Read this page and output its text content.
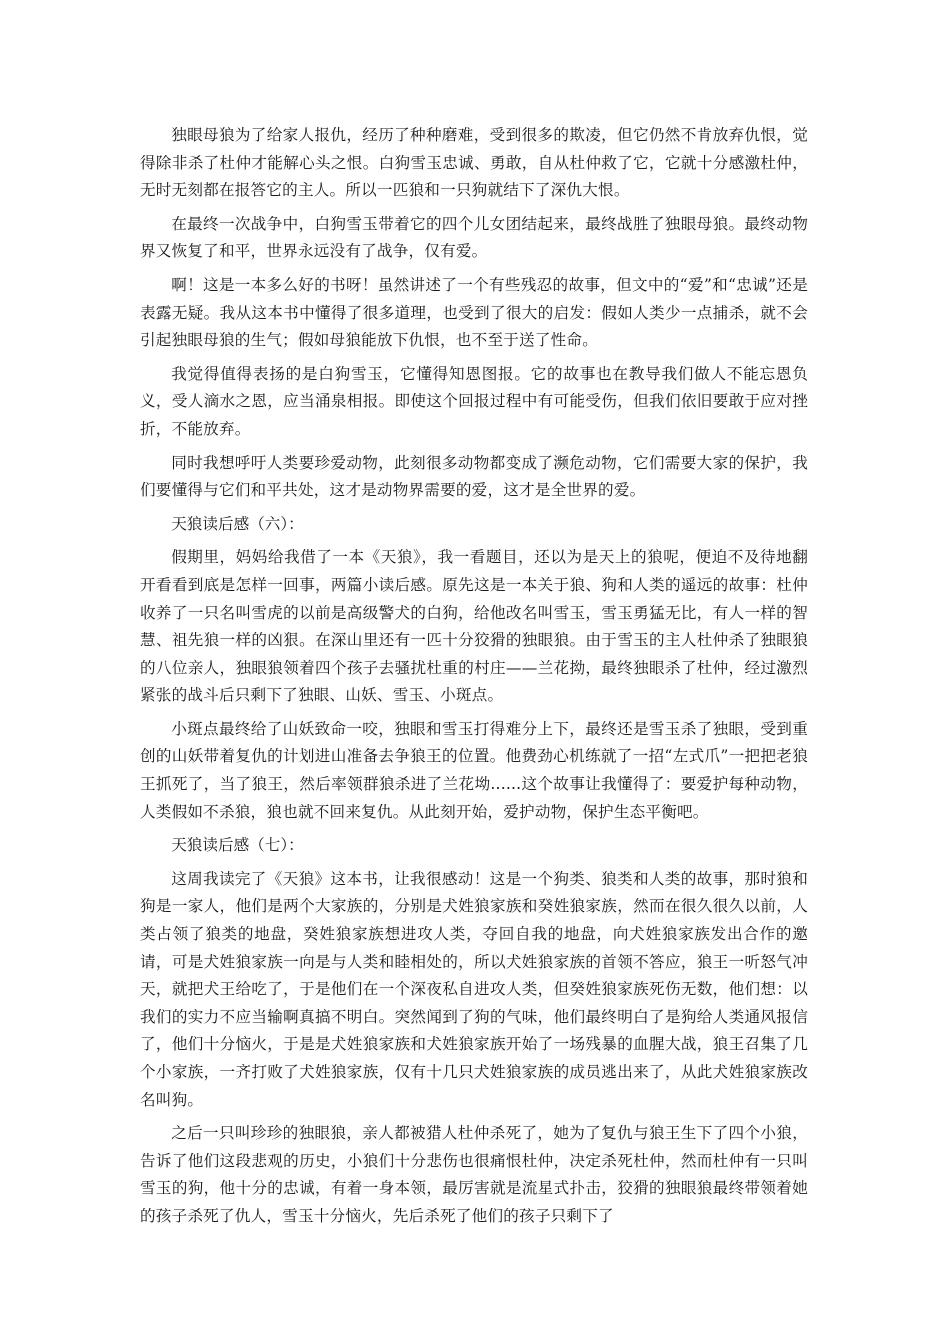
独眼母狼为了给家人报仇，经历了种种磨难，受到很多的欺凌，但它仍然不肯放弃仇恨，觉得除非杀了杜仲才能解心头之恨。白狗雪玉忠诚、勇敢，自从杜仲救了它，它就十分感激杜仲，无时无刻都在报答它的主人。所以一匹狼和一只狗就结下了深仇大恨。

在最终一次战争中，白狗雪玉带着它的四个儿女团结起来，最终战胜了独眼母狼。最终动物界又恢复了和平，世界永远没有了战争，仅有爱。

啊！这是一本多么好的书呀！虽然讲述了一个有些残忍的故事，但文中的“爱”和“忠诚”还是表露无疑。我从这本书中懂得了很多道理，也受到了很大的启发：假如人类少一点捕杀，就不会引起独眼母狼的生气；假如母狼能放下仇恨，也不至于送了性命。

我觉得值得表扬的是白狗雪玉，它懂得知恩图报。它的故事也在教导我们做人不能忘恩负义，受人滴水之恩，应当涌泉相报。即使这个回报过程中有可能受伤，但我们依旧要敢于应对挫折，不能放弃。

同时我想呼吁人类要珍爱动物，此刻很多动物都变成了濒危动物，它们需要大家的保护，我们要懂得与它们和平共处，这才是动物界需要的爱，这才是全世界的爱。

天狼读后感（六）：

假期里，妈妈给我借了一本《天狼》，我一看题目，还以为是天上的狼呢，便迫不及待地翻开看看到底是怎样一回事，两篇小读后感。原先这是一本关于狼、狗和人类的遥远的故事：杜仲收养了一只名叫雪虎的以前是高级警犬的白狗，给他改名叫雪玉，雪玉勇猛无比，有人一样的智慧、祖先狼一样的凶狠。在深山里还有一匹十分狡猾的独眼狼。由于雪玉的主人杜仲杀了独眼狼的八位亲人，独眼狼领着四个孩子去骚扰杜重的村庄——兰花拗，最终独眼杀了杜仲，经过激烈紧张的战斗后只剩下了独眼、山妖、雪玉、小斑点。

小斑点最终给了山妖致命一咬，独眼和雪玉打得难分上下，最终还是雪玉杀了独眼，受到重创的山妖带着复仇的计划进山准备去争狼王的位置。他费劲心机练就了一招“左式爪”一把把老狼王抓死了，当了狼王，然后率领群狼杀进了兰花坳......这个故事让我懂得了：要爱护每种动物，人类假如不杀狼，狼也就不回来复仇。从此刻开始，爱护动物，保护生态平衡吧。

天狼读后感（七）：

这周我读完了《天狼》这本书，让我很感动！这是一个狗类、狼类和人类的故事，那时狼和狗是一家人，他们是两个大家族的，分别是犬姓狼家族和癸姓狼家族，然而在很久很久以前，人类占领了狼类的地盘，癸姓狼家族想进攻人类，夺回自我的地盘，向犬姓狼家族发出合作的邀请，可是犬姓狼家族一向是与人类和睦相处的，所以犬姓狼家族的首领不答应，狼王一听怒气冲天，就把犬王给吃了，于是他们在一个深夜私自进攻人类，但癸姓狼家族死伤无数，他们想：以我们的实力不应当输啊真搞不明白。突然闻到了狗的气味，他们最终明白了是狗给人类通风报信了，他们十分恼火，于是是犬姓狼家族和犬姓狼家族开始了一场残暴的血腥大战，狼王召集了几个小家族，一齐打败了犬姓狼家族，仅有十几只犬姓狼家族的成员逃出来了，从此犬姓狼家族改名叫狗。

之后一只叫珍珍的独眼狼，亲人都被猎人杜仲杀死了，她为了复仇与狼王生下了四个小狼，告诉了他们这段悲观的历史，小狼们十分悲伤也很痛恨杜仲，决定杀死杜仲，然而杜仲有一只叫雪玉的狗，他十分的忠诚，有着一身本领，最厉害就是流星式扑击，狡猾的独眼狼最终带领着她的孩子杀死了仇人，雪玉十分恼火，先后杀死了他们的孩子只剩下了
